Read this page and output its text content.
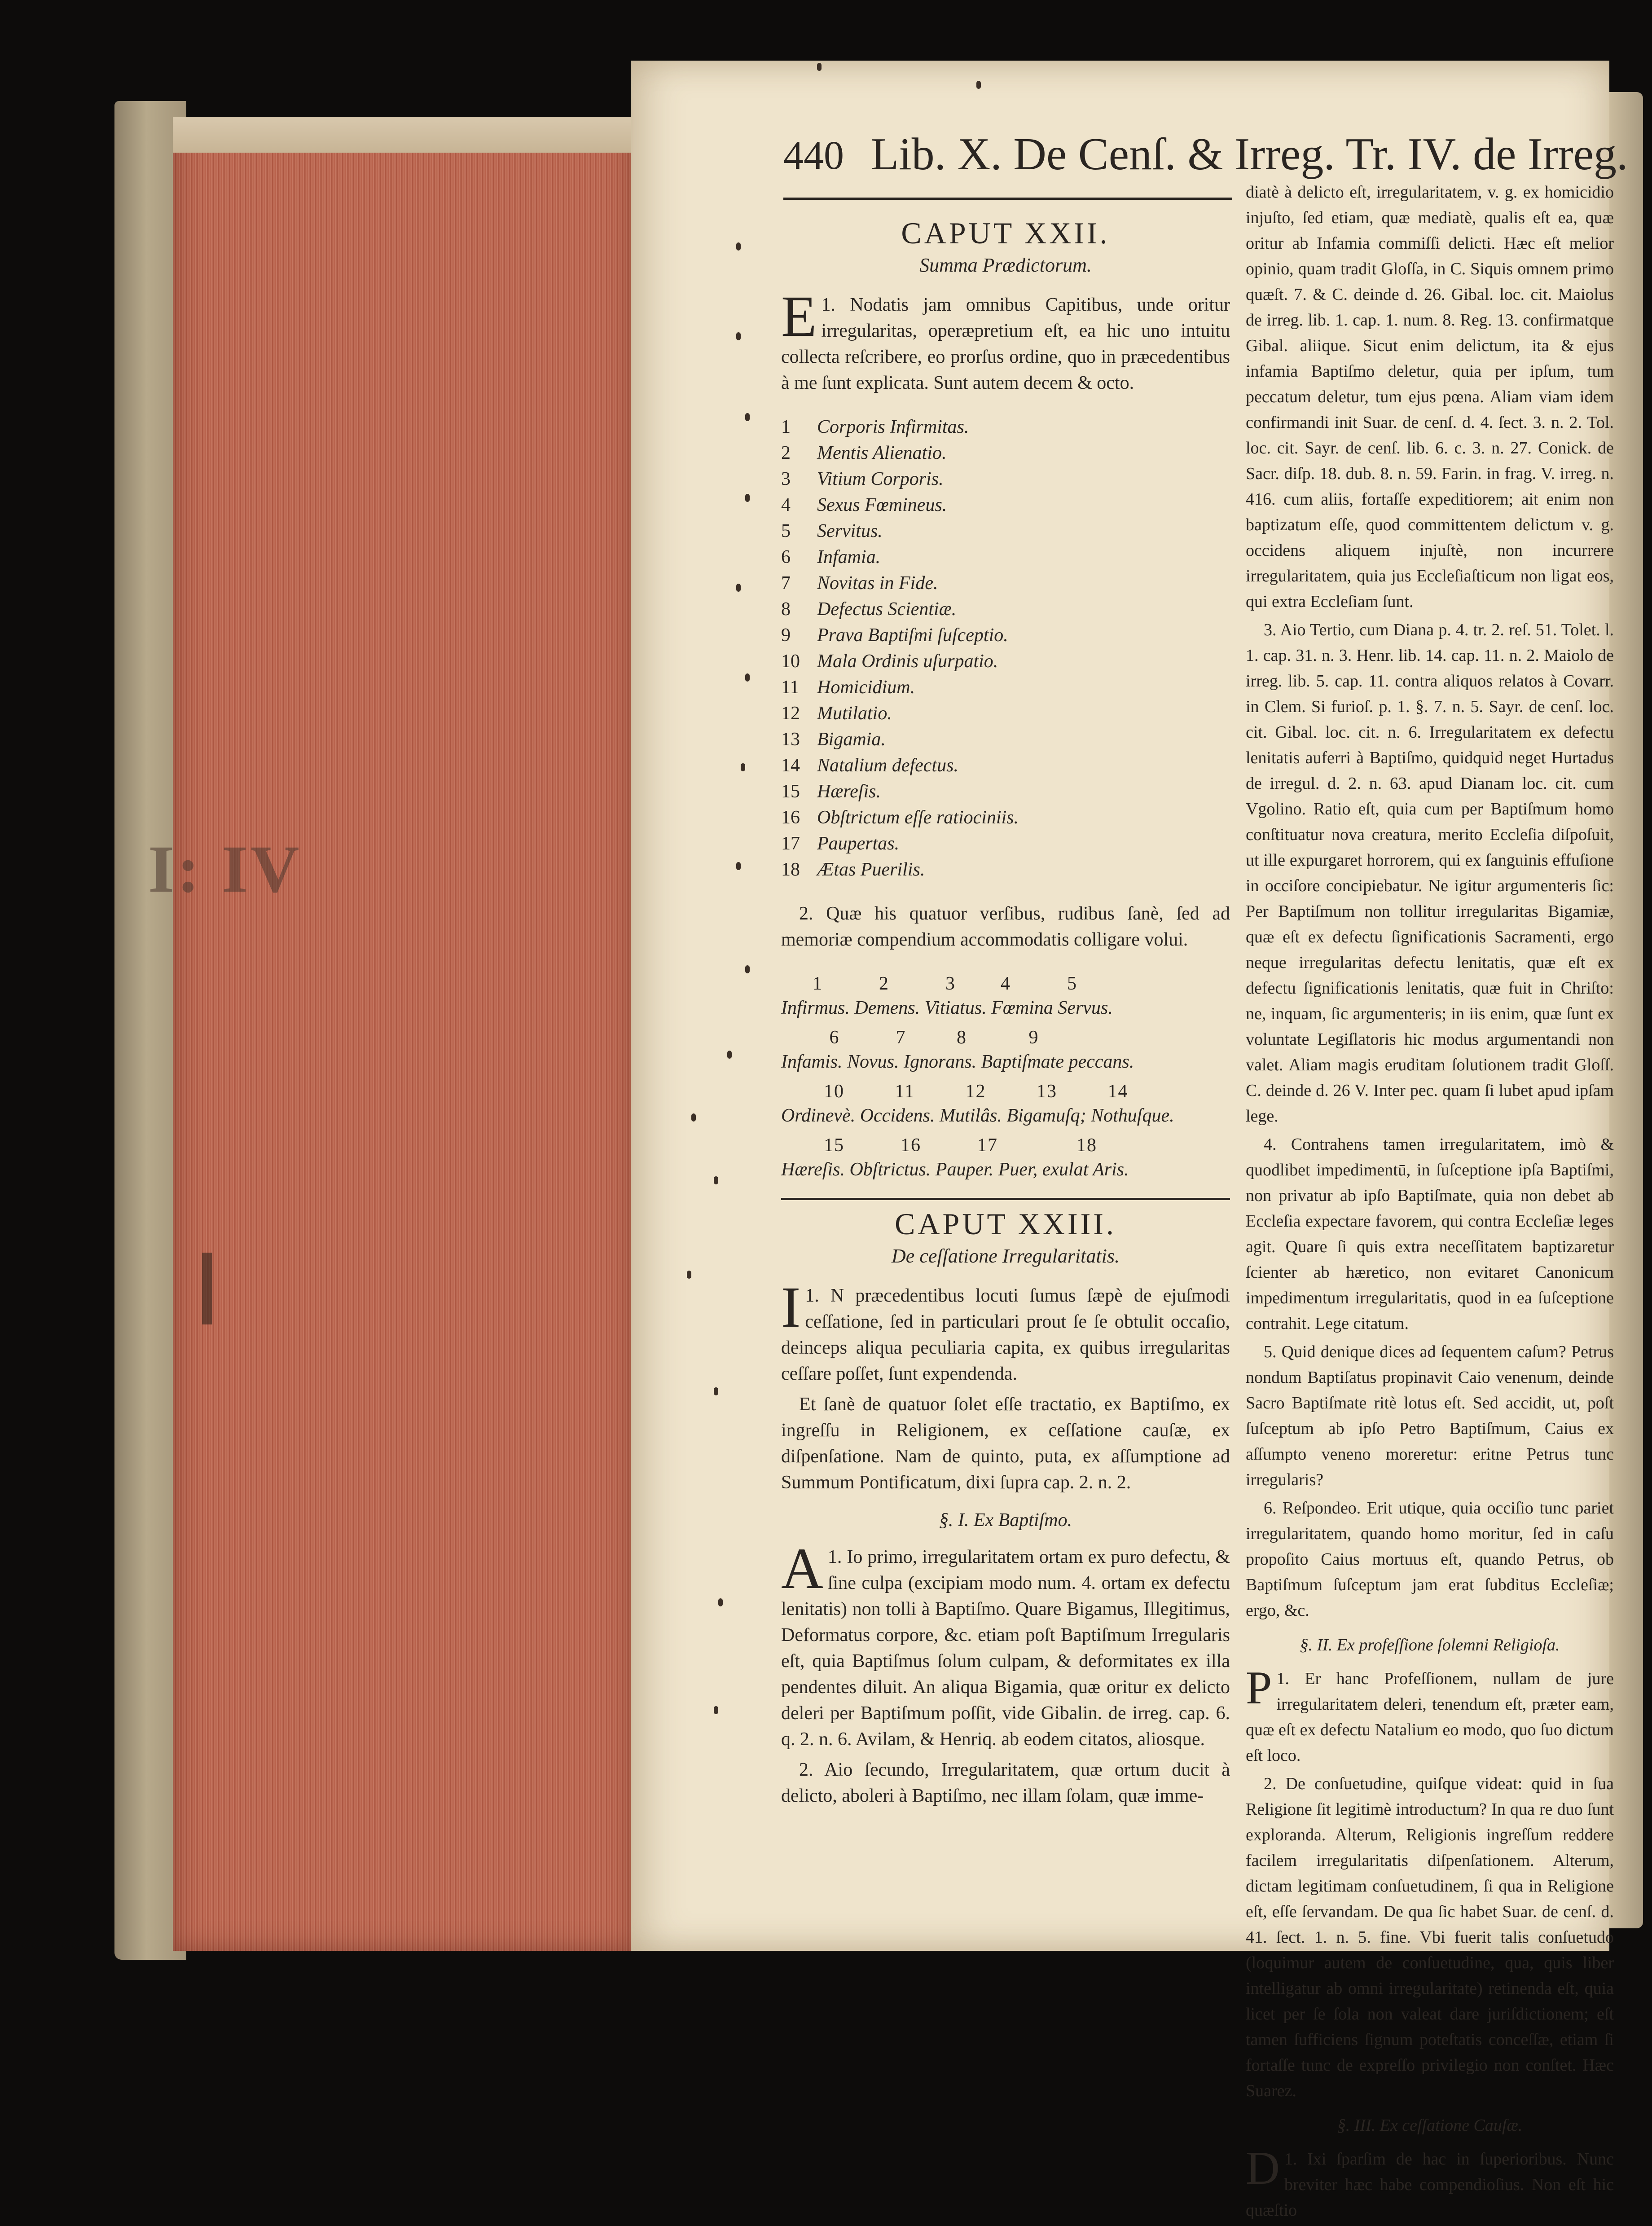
I: IV
440 Lib. X. De Cenſ. & Irreg. Tr. IV. de Irreg.
CAPUT XXII.
Summa Prædictorum.
1.
E Nodatis jam omnibus Capitibus, unde oritur irregularitas, operæpretium eſt, ea hic uno intuitu collecta reſcribere, eo prorſus ordine, quo in præcedentibus à me ſunt explicata. Sunt autem decem & octo.
1 Corporis Infirmitas.
2 Mentis Alienatio.
3 Vitium Corporis.
4 Sexus Fœmineus.
5 Servitus.
6 Infamia.
7 Novitas in Fide.
8 Defectus Scientiæ.
9 Prava Baptiſmi ſuſceptio.
10 Mala Ordinis uſurpatio.
11 Homicidium.
12 Mutilatio.
13 Bigamia.
14 Natalium defectus.
15 Hæreſis.
16 Obſtrictum eſſe ratiociniis.
17 Paupertas.
18 Ætas Puerilis.
2. Quæ his quatuor verſibus, rudibus ſanè, ſed ad memoriæ compendium accommodatis colligare volui.
1          2          3        4          5
Infirmus. Demens. Vitiatus. Fœmina Servus.
6          7         8           9
Infamis. Novus. Ignorans. Baptiſmate peccans.
10         11         12         13         14
Ordinevè. Occidens. Mutilâs. Bigamuſq; Nothuſque.
15          16          17              18
Hæreſis. Obſtrictus. Pauper. Puer, exulat Aris.
CAPUT XXIII.
De ceſſatione Irregularitatis.
1.
I N præcedentibus locuti ſumus ſæpè de ejuſmodi ceſſatione, ſed in particulari prout ſe ſe obtulit occaſio, deinceps aliqua peculiaria capita, ex quibus irregularitas ceſſare poſſet, ſunt expendenda.
Et ſanè de quatuor ſolet eſſe tractatio, ex Baptiſmo, ex ingreſſu in Religionem, ex ceſſatione cauſæ, ex diſpenſatione. Nam de quinto, puta, ex aſſumptione ad Summum Pontificatum, dixi ſupra cap. 2. n. 2.
§. I. Ex Baptiſmo.
1.
A Io primo, irregularitatem ortam ex puro defectu, & ſine culpa (excipiam modo num. 4. ortam ex defectu lenitatis) non tolli à Baptiſmo. Quare Bigamus, Illegitimus, Deformatus corpore, &c. etiam poſt Baptiſmum Irregularis eſt, quia Baptiſmus ſolum culpam, & deformitates ex illa pendentes diluit. An aliqua Bigamia, quæ oritur ex delicto deleri per Baptiſmum poſſit, vide Gibalin. de irreg. cap. 6. q. 2. n. 6. Avilam, & Henriq. ab eodem citatos, aliosque.
2. Aio ſecundo, Irregularitatem, quæ ortum ducit à delicto, aboleri à Baptiſmo, nec illam ſolam, quæ imme-
diatè à delicto eſt, irregularitatem, v. g. ex homicidio injuſto, ſed etiam, quæ mediatè, qualis eſt ea, quæ oritur ab Infamia commiſſi delicti. Hæc eſt melior opinio, quam tradit Gloſſa, in C. Siquis omnem primo quæſt. 7. & C. deinde d. 26. Gibal. loc. cit. Maiolus de irreg. lib. 1. cap. 1. num. 8. Reg. 13. confirmatque Gibal. aliique. Sicut enim delictum, ita & ejus infamia Baptiſmo deletur, quia per ipſum, tum peccatum deletur, tum ejus pœna. Aliam viam idem confirmandi init Suar. de cenſ. d. 4. ſect. 3. n. 2. Tol. loc. cit. Sayr. de cenſ. lib. 6. c. 3. n. 27. Conick. de Sacr. diſp. 18. dub. 8. n. 59. Farin. in frag. V. irreg. n. 416. cum aliis, fortaſſe expeditiorem; ait enim non baptizatum eſſe, quod committentem delictum v. g. occidens aliquem injuſtè, non incurrere irregularitatem, quia jus Eccleſiaſticum non ligat eos, qui extra Eccleſiam ſunt.
3. Aio Tertio, cum Diana p. 4. tr. 2. reſ. 51. Tolet. l. 1. cap. 31. n. 3. Henr. lib. 14. cap. 11. n. 2. Maiolo de irreg. lib. 5. cap. 11. contra aliquos relatos à Covarr. in Clem. Si furioſ. p. 1. §. 7. n. 5. Sayr. de cenſ. loc. cit. Gibal. loc. cit. n. 6. Irregularitatem ex defectu lenitatis auferri à Baptiſmo, quidquid neget Hurtadus de irregul. d. 2. n. 63. apud Dianam loc. cit. cum Vgolino. Ratio eſt, quia cum per Baptiſmum homo conſtituatur nova creatura, merito Eccleſia diſpoſuit, ut ille expurgaret horrorem, qui ex ſanguinis effuſione in occiſore concipiebatur. Ne igitur argumenteris ſic: Per Baptiſmum non tollitur irregularitas Bigamiæ, quæ eſt ex defectu ſignificationis Sacramenti, ergo neque irregularitas defectu lenitatis, quæ eſt ex defectu ſignificationis lenitatis, quæ fuit in Chriſto: ne, inquam, ſic argumenteris; in iis enim, quæ ſunt ex voluntate Legiſlatoris hic modus argumentandi non valet. Aliam magis eruditam ſolutionem tradit Gloſſ. C. deinde d. 26 V. Inter pec. quam ſi lubet apud ipſam lege.
4. Contrahens tamen irregularitatem, imò & quodlibet impedimentū, in ſuſceptione ipſa Baptiſmi, non privatur ab ipſo Baptiſmate, quia non debet ab Eccleſia expectare favorem, qui contra Eccleſiæ leges agit. Quare ſi quis extra neceſſitatem baptizaretur ſcienter ab hæretico, non evitaret Canonicum impedimentum irregularitatis, quod in ea ſuſceptione contrahit. Lege citatum.
5. Quid denique dices ad ſequentem caſum? Petrus nondum Baptiſatus propinavit Caio venenum, deinde Sacro Baptiſmate ritè lotus eſt. Sed accidit, ut, poſt ſuſceptum ab ipſo Petro Baptiſmum, Caius ex aſſumpto veneno moreretur: eritne Petrus tunc irregularis?
6. Reſpondeo. Erit utique, quia occiſio tunc pariet irregularitatem, quando homo moritur, ſed in caſu propoſito Caius mortuus eſt, quando Petrus, ob Baptiſmum ſuſceptum jam erat ſubditus Eccleſiæ; ergo, &c.
§. II. Ex profeſſione ſolemni Religioſa.
1.
P Er hanc Profeſſionem, nullam de jure irregularitatem deleri, tenendum eſt, præter eam, quæ eſt ex defectu Natalium eo modo, quo ſuo dictum eſt loco.
2. De conſuetudine, quiſque videat: quid in ſua Religione ſit legitimè introductum? In qua re duo ſunt exploranda. Alterum, Religionis ingreſſum reddere facilem irregularitatis diſpenſationem. Alterum, dictam legitimam conſuetudinem, ſi qua in Religione eſt, eſſe ſervandam. De qua ſic habet Suar. de cenſ. d. 41. ſect. 1. n. 5. fine. Vbi fuerit talis conſuetudo (loquimur autem de conſuetudine, qua, quis liber intelligatur ab omni irregularitate) retinenda eſt, quia licet per ſe ſola non valeat dare juriſdictionem; eſt tamen ſufficiens ſignum poteſtatis conceſſæ, etiam ſi fortaſſe tunc de expreſſo privilegio non conſtet. Hæc Suarez.
§. III. Ex ceſſatione Cauſæ.
1.
D Ixi ſparſim de hac in ſuperioribus. Nunc breviter hæc habe compendioſius. Non eſt hic quæſtio
